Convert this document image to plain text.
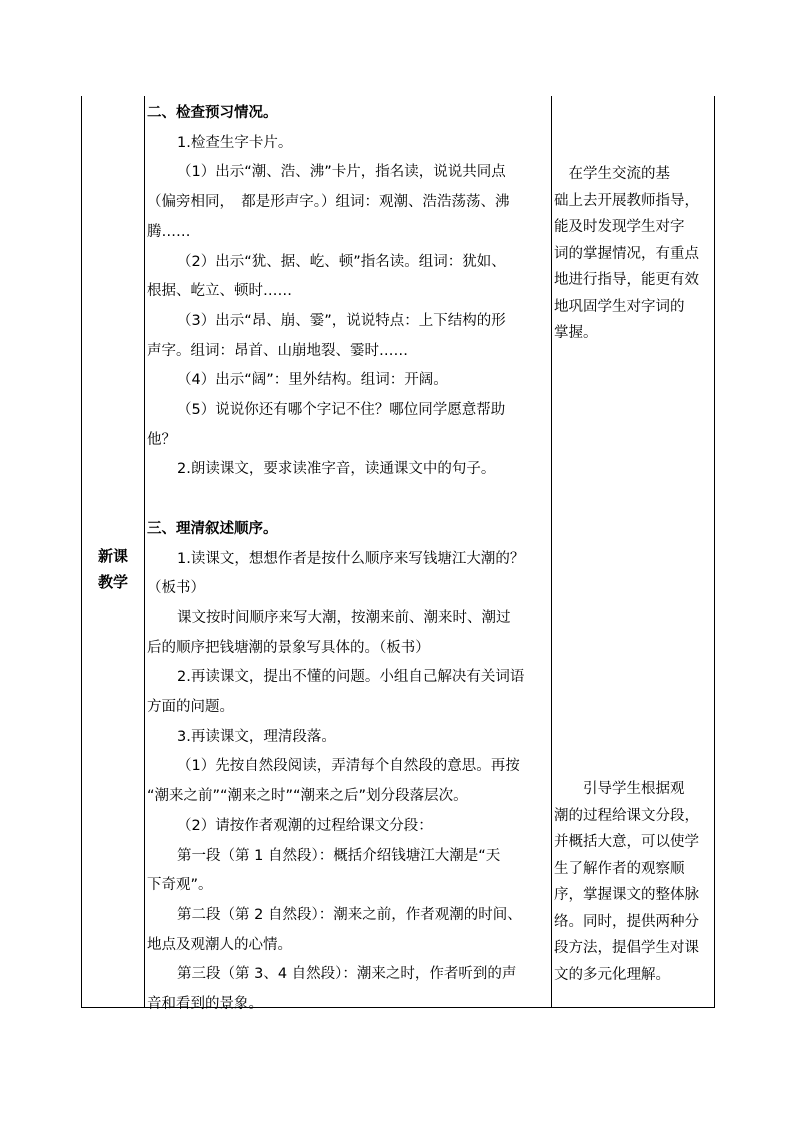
新课
教学
二、检查预习情况。
1.检查生字卡片。
（1）出示“潮、浩、沸”卡片，指名读，说说共同点
（偏旁相同，　都是形声字。）组词：观潮、浩浩荡荡、沸
腾……
（2）出示“犹、据、屹、顿”指名读。组词：犹如、
根据、屹立、顿时……
（3）出示“昂、崩、霎”，说说特点：上下结构的形
声字。组词：昂首、山崩地裂、霎时……
（4）出示“阔”：里外结构。组词：开阔。
（5）说说你还有哪个字记不住？哪位同学愿意帮助
他？
2.朗读课文，要求读准字音，读通课文中的句子。
三、理清叙述顺序。
1.读课文，想想作者是按什么顺序来写钱塘江大潮的？
（板书）
课文按时间顺序来写大潮，按潮来前、潮来时、潮过
后的顺序把钱塘潮的景象写具体的。（板书）
2.再读课文，提出不懂的问题。小组自己解决有关词语
方面的问题。
3.再读课文，理清段落。
（1）先按自然段阅读，弄清每个自然段的意思。再按
“潮来之前”“潮来之时”“潮来之后”划分段落层次。
（2）请按作者观潮的过程给课文分段：
第一段（第 1 自然段）：概括介绍钱塘江大潮是“天
下奇观”。
第二段（第 2 自然段）：潮来之前，作者观潮的时间、
地点及观潮人的心情。
第三段（第 3、4 自然段）：潮来之时，作者听到的声
音和看到的景象。
　在学生交流的基
础上去开展教师指导，
能及时发现学生对字
词的掌握情况，有重点
地进行指导，能更有效
地巩固学生对字词的
掌握。
　　引导学生根据观
潮的过程给课文分段，
并概括大意，可以使学
生了解作者的观察顺
序，掌握课文的整体脉
络。同时，提供两种分
段方法，提倡学生对课
文的多元化理解。
